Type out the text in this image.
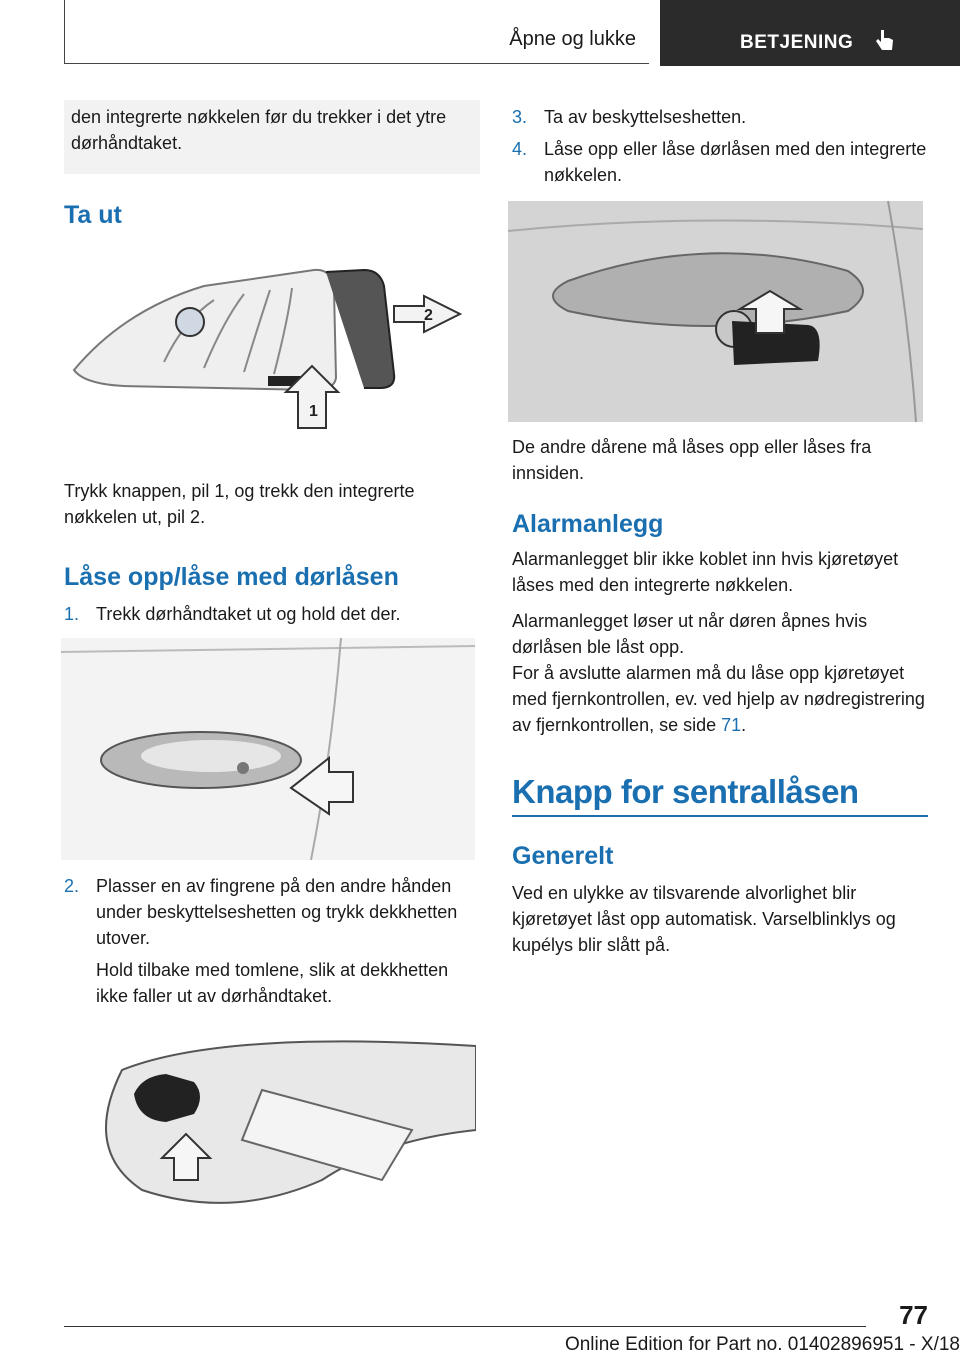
Åpne og lukke	BETJENING
den integrerte nøkkelen før du trekker i det ytre dørhåndtaket.
Ta ut
2
1
Trykk knappen, pil 1, og trekk den integrerte nøkkelen ut, pil 2.
Låse opp/låse med dørlåsen
1. Trekk dørhåndtaket ut og hold det der.
2. Plasser en av fingrene på den andre hånden under beskyttelseshetten og trykk dekkhetten utover.
Hold tilbake med tomlene, slik at dekkhetten ikke faller ut av dørhåndtaket.
3. Ta av beskyttelseshetten.
4. Låse opp eller låse dørlåsen med den integrerte nøkkelen.
De andre dårene må låses opp eller låses fra innsiden.
Alarmanlegg
Alarmanlegget blir ikke koblet inn hvis kjøretøyet låses med den integrerte nøkkelen.
Alarmanlegget løser ut når døren åpnes hvis dørlåsen ble låst opp.
For å avslutte alarmen må du låse opp kjøretøyet med fjernkontrollen, ev. ved hjelp av nødregistrering av fjernkontrollen, se side 71.
Knapp for sentrallåsen
Generelt
Ved en ulykke av tilsvarende alvorlighet blir kjøretøyet låst opp automatisk. Varselblinklys og kupélys blir slått på.
77
Online Edition for Part no. 01402896951 - X/18
